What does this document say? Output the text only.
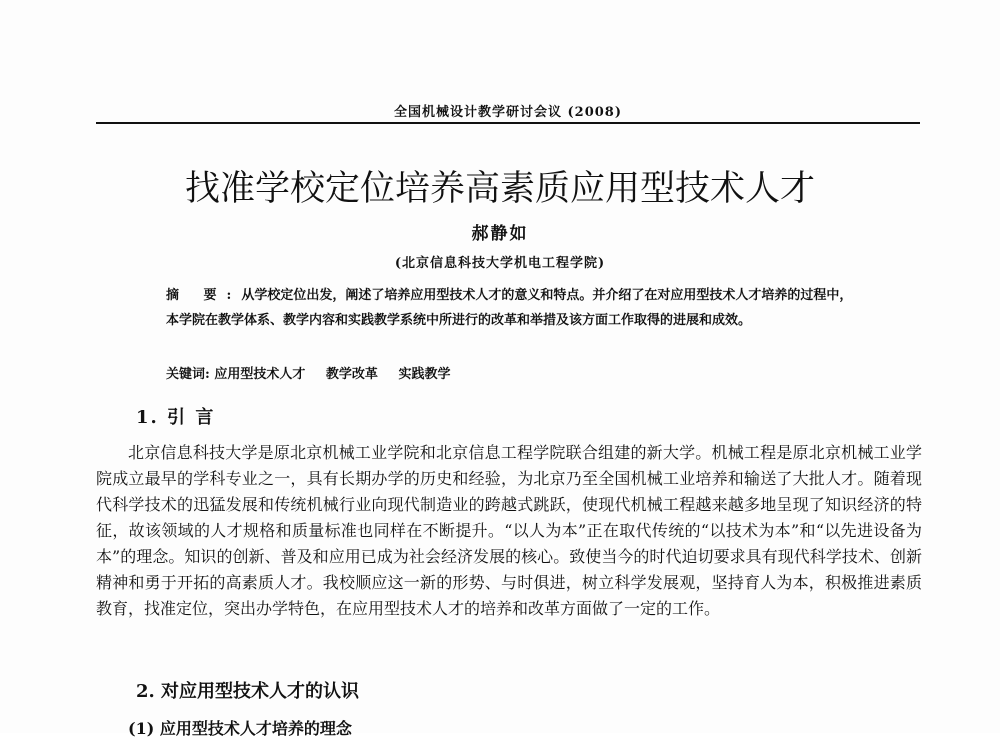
全国机械设计教学研讨会议 (2008)
找准学校定位培养高素质应用型技术人才
郝静如
(北京信息科技大学机电工程学院)

摘 要:从学校定位出发，阐述了培养应用型技术人才的意义和特点。并介绍了在对应用型技术人才培养的过程中，本学院在教学体系、教学内容和实践教学系统中所进行的改革和举措及该方面工作取得的进展和成效。

关键词: 应用型技术人才 教学改革 实践教学
1. 引 言

北京信息科技大学是原北京机械工业学院和北京信息工程学院联合组建的新大学。机械工程是原北京机械工业学院成立最早的学科专业之一，具有长期办学的历史和经验，为北京乃至全国机械工业培养和输送了大批人才。随着现代科学技术的迅猛发展和传统机械行业向现代制造业的跨越式跳跃，使现代机械工程越来越多地呈现了知识经济的特征，故该领域的人才规格和质量标准也同样在不断提升。“以人为本”正在取代传统的“以技术为本”和“以先进设备为本”的理念。知识的创新、普及和应用已成为社会经济发展的核心。致使当今的时代迫切要求具有现代科学技术、创新精神和勇于开拓的高素质人才。我校顺应这一新的形势、与时俱进，树立科学发展观，坚持育人为本，积极推进素质教育，找准定位，突出办学特色，在应用型技术人才的培养和改革方面做了一定的工作。

2. 对应用型技术人才的认识
(1) 应用型技术人才培养的理念
